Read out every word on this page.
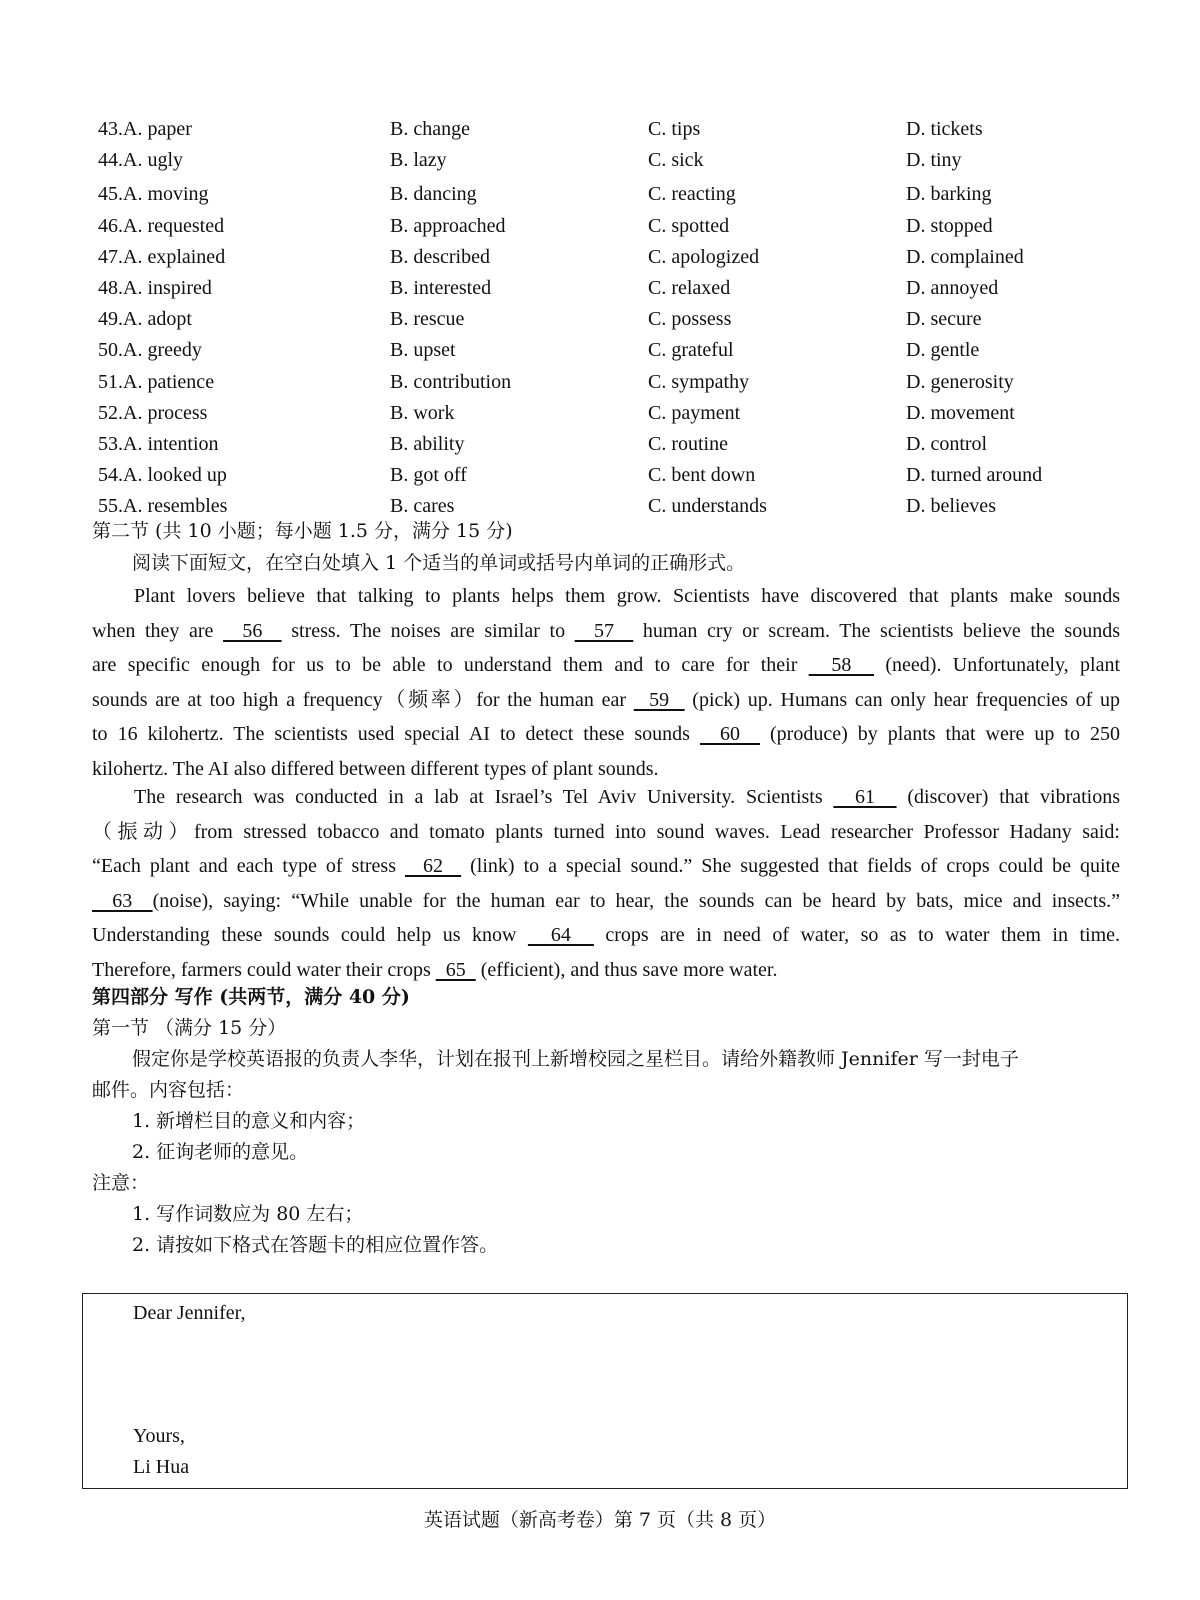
43.A. paper	B. change	C. tips	D. tickets
44.A. ugly	B. lazy	C. sick	D. tiny
45.A. moving	B. dancing	C. reacting	D. barking
46.A. requested	B. approached	C. spotted	D. stopped
47.A. explained	B. described	C. apologized	D. complained
48.A. inspired	B. interested	C. relaxed	D. annoyed
49.A. adopt	B. rescue	C. possess	D. secure
50.A. greedy	B. upset	C. grateful	D. gentle
51.A. patience	B. contribution	C. sympathy	D. generosity
52.A. process	B. work	C. payment	D. movement
53.A. intention	B. ability	C. routine	D. control
54.A. looked up	B. got off	C. bent down	D. turned around
55.A. resembles	B. cares	C. understands	D. believes
第二节 (共 10 小题；每小题 1.5 分，满分 15 分)
阅读下面短文，在空白处填入 1 个适当的单词或括号内单词的正确形式。
Plant lovers believe that talking to plants helps them grow. Scientists have discovered that plants make sounds
when they are   56   stress. The noises are similar to   57   human cry or scream. The scientists believe the sounds
are specific enough for us to be able to understand them and to care for their   58   (need). Unfortunately, plant
sounds are at too high a frequency（频率）for the human ear   59   (pick) up. Humans can only hear frequencies of up
to 16 kilohertz. The scientists used special AI to detect these sounds   60   (produce) by plants that were up to 250
kilohertz. The AI also differed between different types of plant sounds.
The research was conducted in a lab at Israel’s Tel Aviv University. Scientists   61   (discover) that vibrations
（振动）from stressed tobacco and tomato plants turned into sound waves. Lead researcher Professor Hadany said:
“Each plant and each type of stress   62   (link) to a special sound.” She suggested that fields of crops could be quite
63  (noise), saying: “While unable for the human ear to hear, the sounds can be heard by bats, mice and insects.”
Understanding these sounds could help us know   64   crops are in need of water, so as to water them in time.
Therefore, farmers could water their crops   65   (efficient), and thus save more water.
第四部分 写作 (共两节，满分 40 分)
第一节 （满分 15 分）
假定你是学校英语报的负责人李华，计划在报刊上新增校园之星栏目。请给外籍教师 Jennifer 写一封电子
邮件。内容包括：
1. 新增栏目的意义和内容；
2. 征询老师的意见。
注意：
1. 写作词数应为 80 左右；
2. 请按如下格式在答题卡的相应位置作答。
Dear Jennifer,
Yours,
Li Hua
英语试题（新高考卷）第 7 页（共 8 页）
